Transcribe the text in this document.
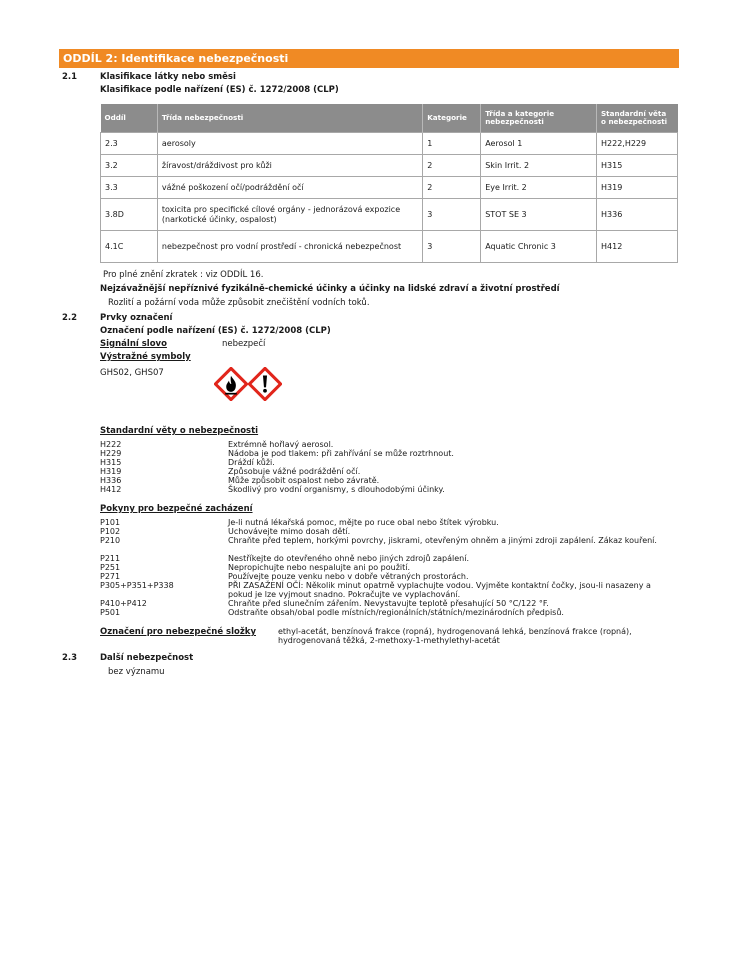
ODDÍL 2: Identifikace nebezpečnosti
2.1	Klasifikace látky nebo směsi
Klasifikace podle nařízení (ES) č. 1272/2008 (CLP)
Oddíl	Třída nebezpečnosti	Kategorie	Třída a kategorie nebezpečnosti	Standardní věta o nebezpečnosti
2.3	aerosoly	1	Aerosol 1	H222,H229
3.2	žíravost/dráždivost pro kůži	2	Skin Irrit. 2	H315
3.3	vážné poškození očí/podráždění očí	2	Eye Irrit. 2	H319
3.8D	toxicita pro specifické cílové orgány - jednorázová expozice (narkotické účinky, ospalost)	3	STOT SE 3	H336
4.1C	nebezpečnost pro vodní prostředí - chronická nebezpečnost	3	Aquatic Chronic 3	H412
Pro plné znění zkratek : viz ODDÍL 16.
Nejzávažnější nepříznivé fyzikálně-chemické účinky a účinky na lidské zdraví a životní prostředí
Rozlití a požární voda může způsobit znečištění vodních toků.
2.2	Prvky označení
Označení podle nařízení (ES) č. 1272/2008 (CLP)
Signální slovo	nebezpečí
Výstražné symboly
GHS02, GHS07
Standardní věty o nebezpečnosti
H222	Extrémně hořlavý aerosol.
H229	Nádoba je pod tlakem: při zahřívání se může roztrhnout.
H315	Dráždí kůži.
H319	Způsobuje vážné podráždění očí.
H336	Může způsobit ospalost nebo závratě.
H412	Škodlivý pro vodní organismy, s dlouhodobými účinky.
Pokyny pro bezpečné zacházení
P101	Je-li nutná lékařská pomoc, mějte po ruce obal nebo štítek výrobku.
P102	Uchovávejte mimo dosah dětí.
P210	Chraňte před teplem, horkými povrchy, jiskrami, otevřeným ohněm a jinými zdroji zapálení. Zákaz kouření.
P211	Nestříkejte do otevřeného ohně nebo jiných zdrojů zapálení.
P251	Nepropichujte nebo nespalujte ani po použití.
P271	Používejte pouze venku nebo v dobře větraných prostorách.
P305+P351+P338	PŘI ZASAŽENÍ OČÍ: Několik minut opatrně vyplachujte vodou. Vyjměte kontaktní čočky, jsou-li nasazeny a pokud je lze vyjmout snadno. Pokračujte ve vyplachování.
P410+P412	Chraňte před slunečním zářením. Nevystavujte teplotě přesahující 50 °C/122 °F.
P501	Odstraňte obsah/obal podle místních/regionálních/státních/mezinárodních předpisů.
Označení pro nebezpečné složky	ethyl-acetát, benzínová frakce (ropná), hydrogenovaná lehká, benzínová frakce (ropná), hydrogenovaná těžká, 2-methoxy-1-methylethyl-acetát
2.3	Další nebezpečnost
bez významu
